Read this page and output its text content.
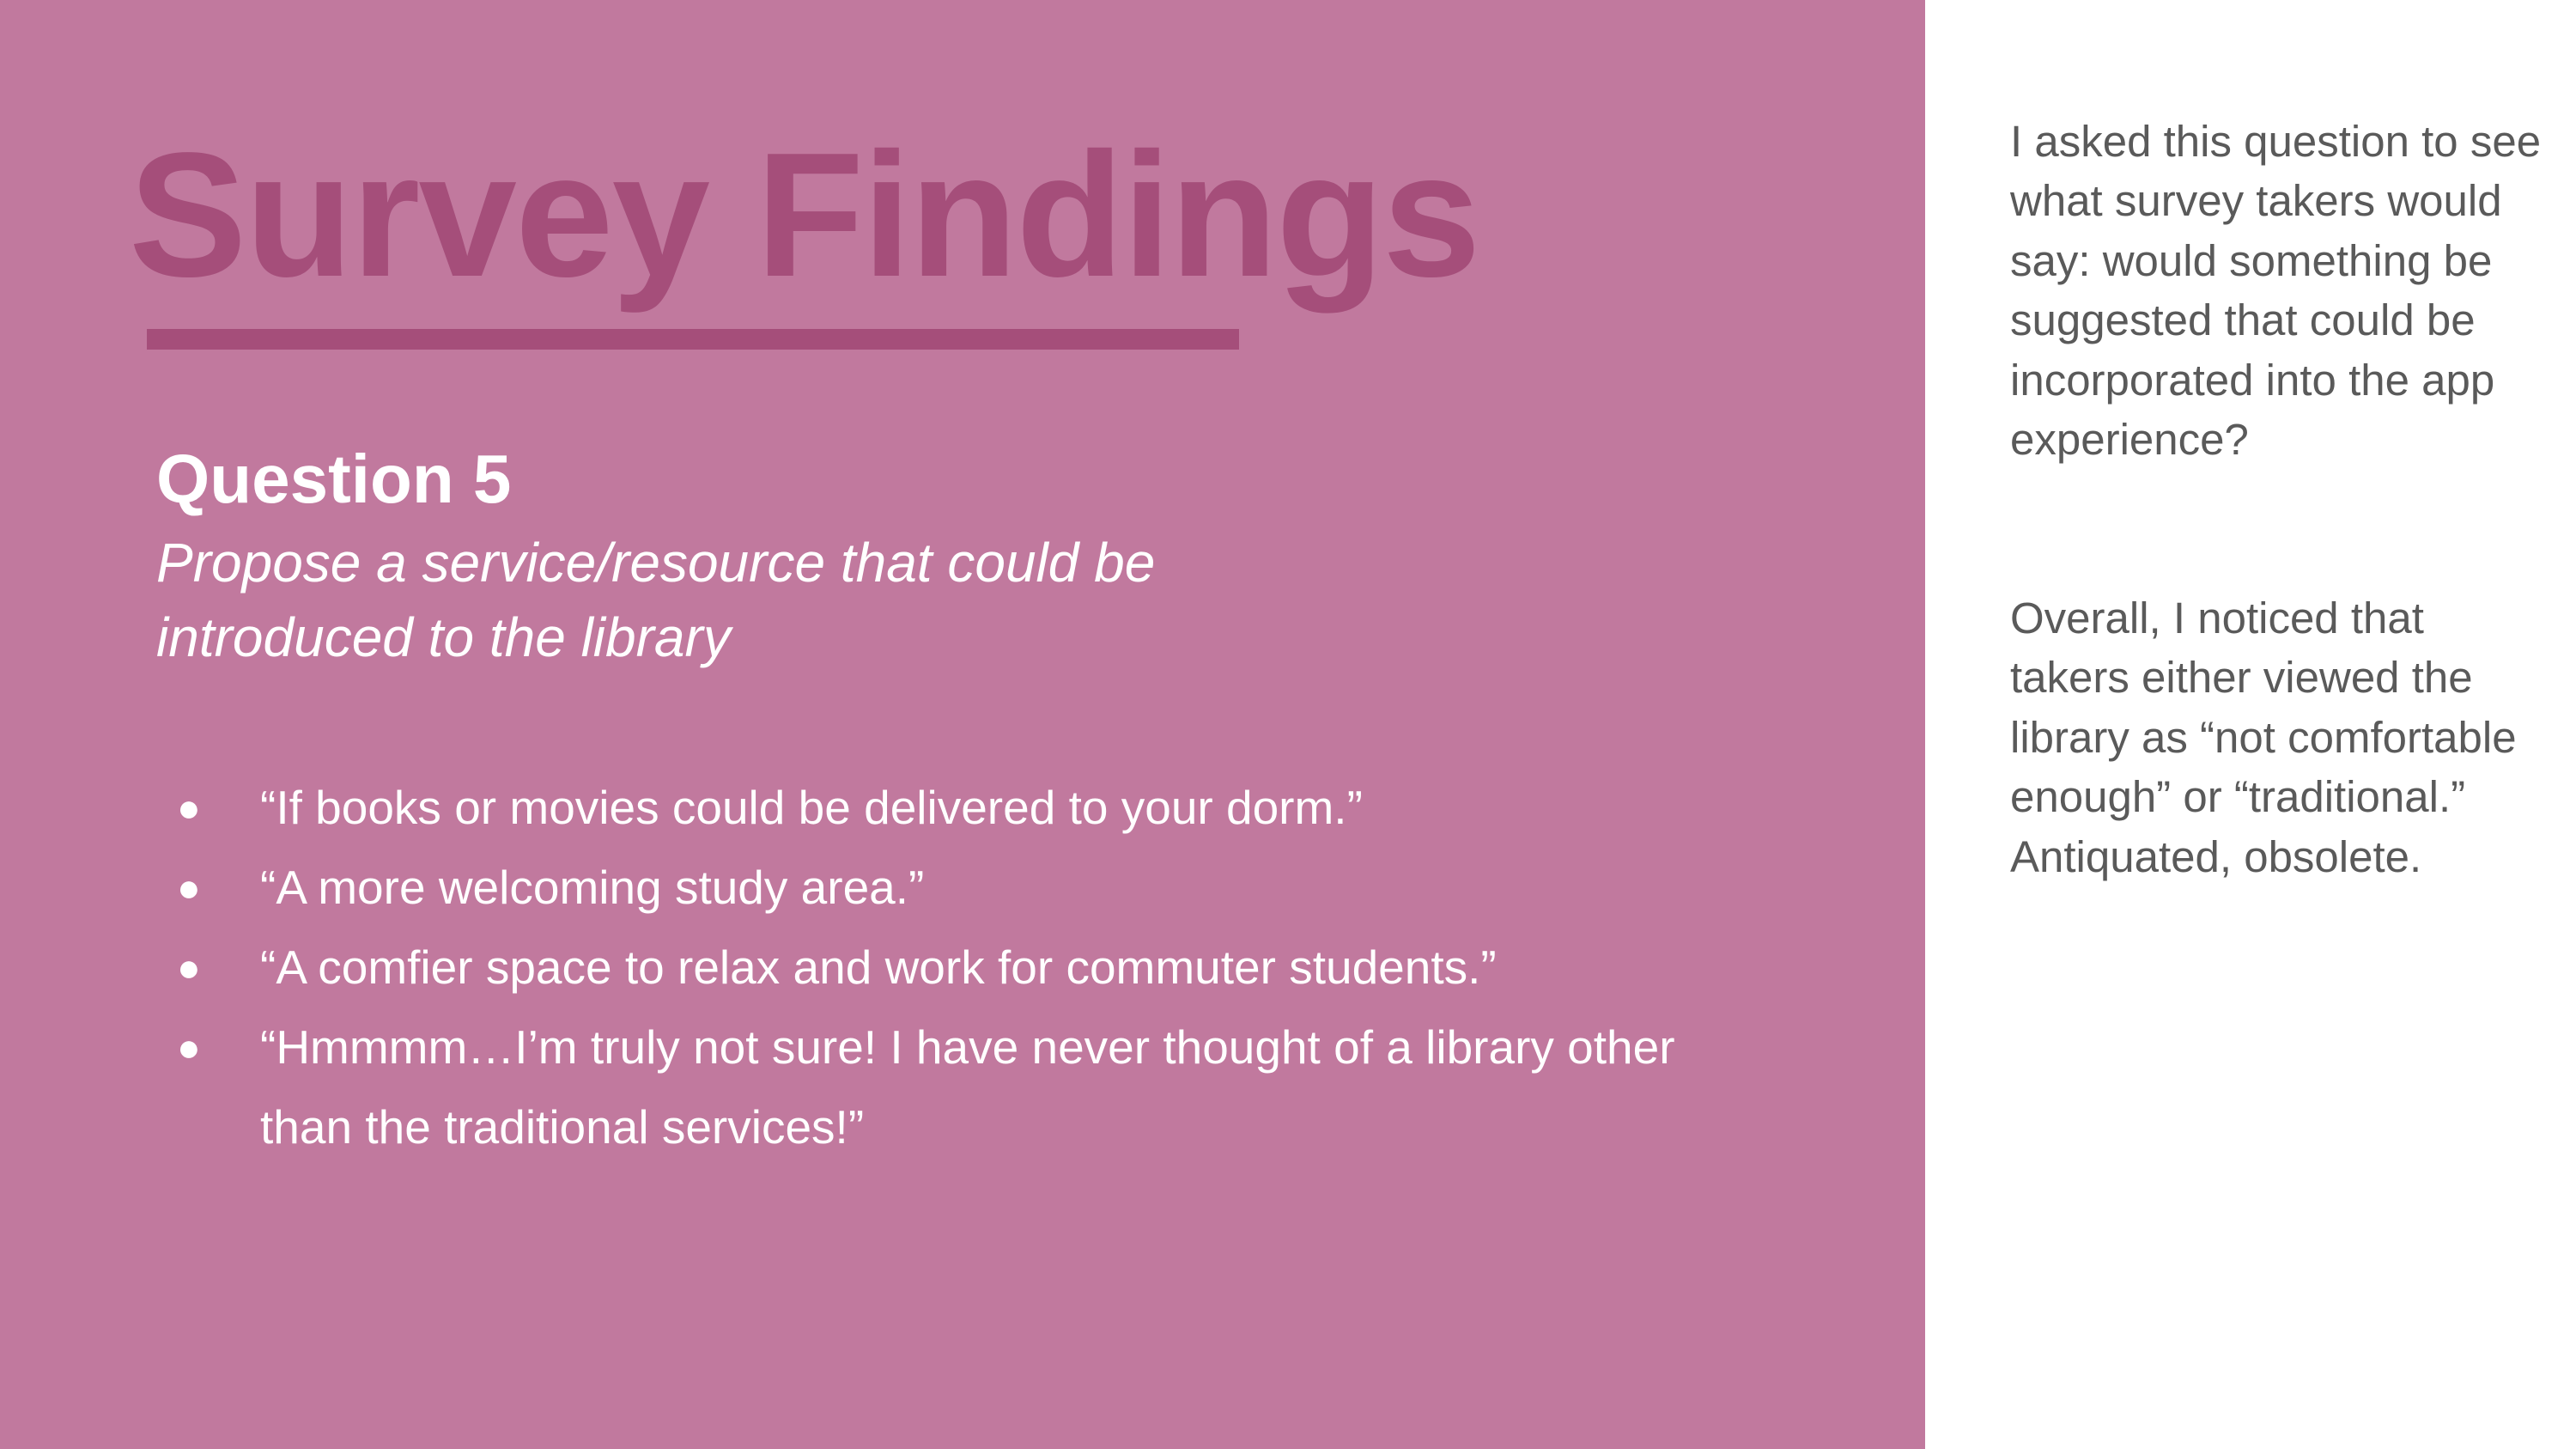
Survey Findings
Question 5

Propose a service/resource that could be introduced to the library

● “If books or movies could be delivered to your dorm.”
● “A more welcoming study area.”
● “A comfier space to relax and work for commuter students.”
● “Hmmmm…I’m truly not sure! I have never thought of a library other than the traditional services!”

I asked this question to see what survey takers would say: would something be suggested that could be incorporated into the app experience?

Overall, I noticed that takers either viewed the library as “not comfortable enough” or “traditional.” Antiquated, obsolete.
